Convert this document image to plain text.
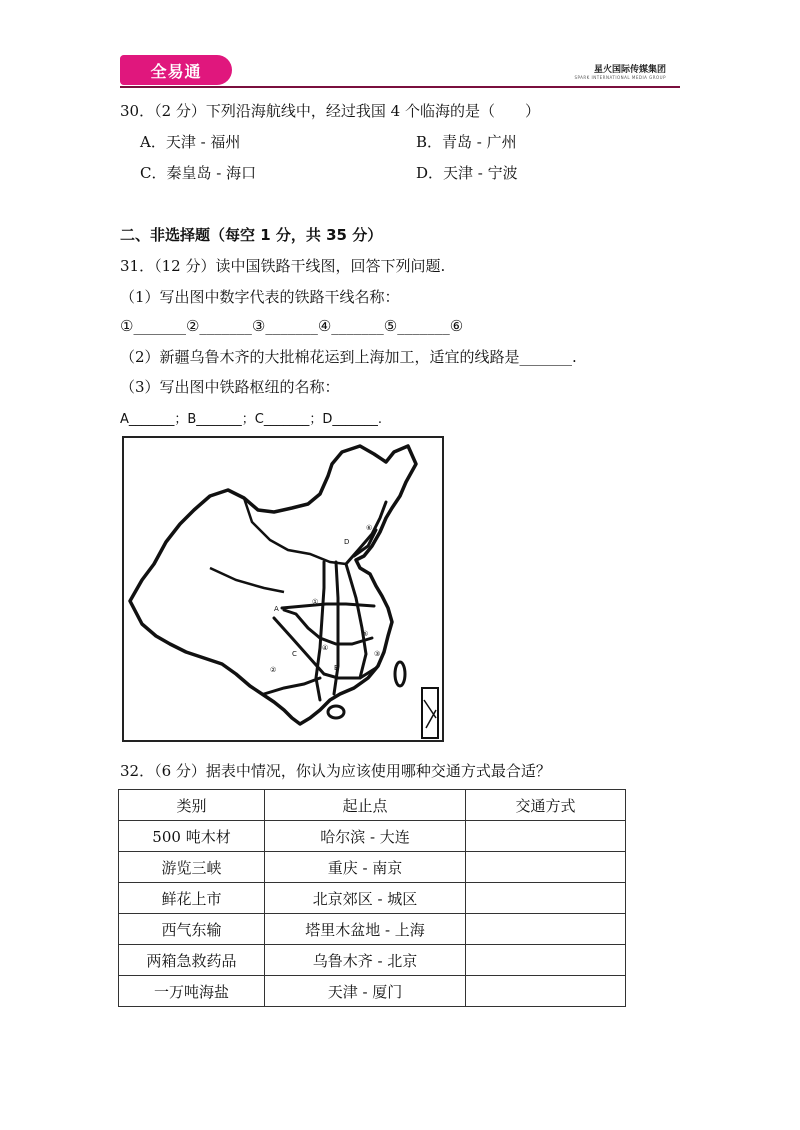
全易通	星火国际传媒集团
SPARK INTERNATIONAL MEDIA GROUP
30．（2 分）下列沿海航线中，经过我国 4 个临海的是（　　）
A．天津 - 福州	B．青岛 - 广州
C．秦皇岛 - 海口	D．天津 - 宁波
二、非选择题（每空 1 分，共 35 分）
31．（12 分）读中国铁路干线图，回答下列问题.
（1）写出图中数字代表的铁路干线名称：
①_______②_______③_______④_______⑤_______⑥
（2）新疆乌鲁木齐的大批棉花运到上海加工，适宜的线路是_______.
（3）写出图中铁路枢纽的名称：
A_______；B_______；C_______；D_______.
A
B
C
D
①
②
③
④
⑤
⑥
32．（6 分）据表中情况，你认为应该使用哪种交通方式最合适？
类别	起止点	交通方式
500 吨木材	哈尔滨 - 大连	
游览三峡	重庆 - 南京	
鲜花上市	北京郊区 - 城区	
西气东输	塔里木盆地 - 上海	
两箱急救药品	乌鲁木齐 - 北京	
一万吨海盐	天津 - 厦门	
